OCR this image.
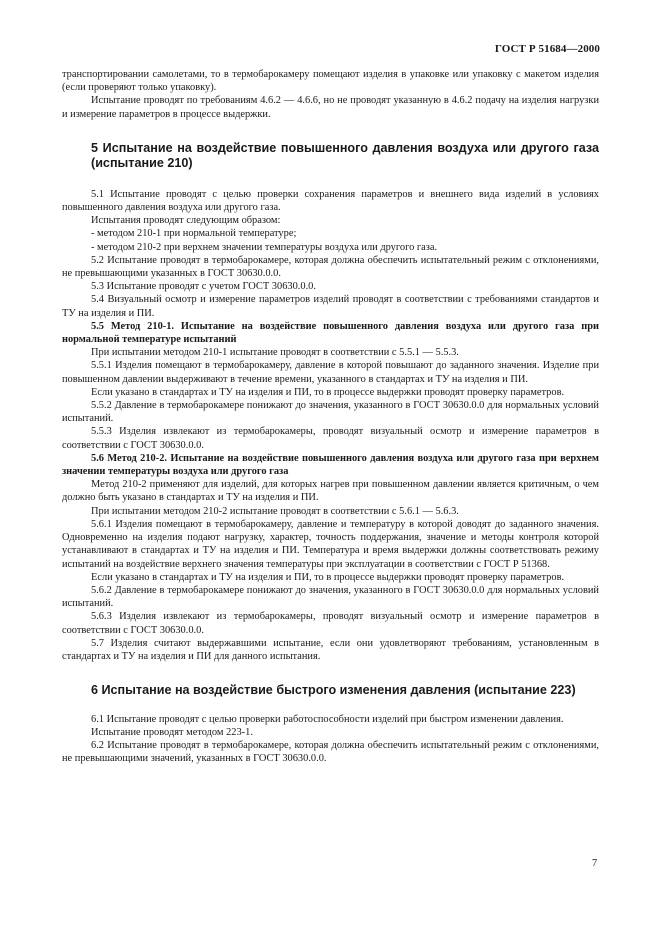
ГОСТ Р 51684—2000

транспортировании самолетами, то в термобарокамеру помещают изделия в упаковке или упаковку с макетом изделия (если проверяют только упаковку).

Испытание проводят по требованиям 4.6.2 — 4.6.6, но не проводят указанную в 4.6.2 подачу на изделия нагрузки и измерение параметров в процессе выдержки.

5 Испытание на воздействие повышенного давления воздуха или другого газа (испытание 210)

5.1 Испытание проводят с целью проверки сохранения параметров и внешнего вида изделий в условиях повышенного давления воздуха или другого газа.

Испытания проводят следующим образом:

- методом 210-1 при нормальной температуре;

- методом 210-2 при верхнем значении температуры воздуха или другого газа.

5.2 Испытание проводят в термобарокамере, которая должна обеспечить испытательный режим с отклонениями, не превышающими указанных в ГОСТ 30630.0.0.

5.3 Испытание проводят с учетом ГОСТ 30630.0.0.

5.4 Визуальный осмотр и измерение параметров изделий проводят в соответствии с требованиями стандартов и ТУ на изделия и ПИ.

5.5 Метод 210-1. Испытание на воздействие повышенного давления воздуха или другого газа при нормальной температуре испытаний

При испытании методом 210-1 испытание проводят в соответствии с 5.5.1 — 5.5.3.

5.5.1 Изделия помещают в термобарокамеру, давление в которой повышают до заданного значения. Изделие при повышенном давлении выдерживают в течение времени, указанного в стандартах и ТУ на изделия и ПИ.

Если указано в стандартах и ТУ на изделия и ПИ, то в процессе выдержки проводят проверку параметров.

5.5.2 Давление в термобарокамере понижают до значения, указанного в ГОСТ 30630.0.0 для нормальных условий испытаний.

5.5.3 Изделия извлекают из термобарокамеры, проводят визуальный осмотр и измерение параметров в соответствии с ГОСТ 30630.0.0.

5.6 Метод 210-2. Испытание на воздействие повышенного давления воздуха или другого газа при верхнем значении температуры воздуха или другого газа

Метод 210-2 применяют для изделий, для которых нагрев при повышенном давлении является критичным, о чем должно быть указано в стандартах и ТУ на изделия и ПИ.

При испытании методом 210-2 испытание проводят в соответствии с 5.6.1 — 5.6.3.

5.6.1 Изделия помещают в термобарокамеру, давление и температуру в которой доводят до заданного значения. Одновременно на изделия подают нагрузку, характер, точность поддержания, значение и методы контроля которой устанавливают в стандартах и ТУ на изделия и ПИ. Температура и время выдержки должны соответствовать режиму испытаний на воздействие верхнего значения температуры при эксплуатации в соответствии с ГОСТ Р 51368.

Если указано в стандартах и ТУ на изделия и ПИ, то в процессе выдержки проводят проверку параметров.

5.6.2 Давление в термобарокамере понижают до значения, указанного в ГОСТ 30630.0.0 для нормальных условий испытаний.

5.6.3 Изделия извлекают из термобарокамеры, проводят визуальный осмотр и измерение параметров в соответствии с ГОСТ 30630.0.0.

5.7 Изделия считают выдержавшими испытание, если они удовлетворяют требованиям, установленным в стандартах и ТУ на изделия и ПИ для данного испытания.

6 Испытание на воздействие быстрого изменения давления (испытание 223)

6.1 Испытание проводят с целью проверки работоспособности изделий при быстром изменении давления.

Испытание проводят методом 223-1.

6.2 Испытание проводят в термобарокамере, которая должна обеспечить испытательный режим с отклонениями, не превышающими значений, указанных в ГОСТ 30630.0.0.

7
